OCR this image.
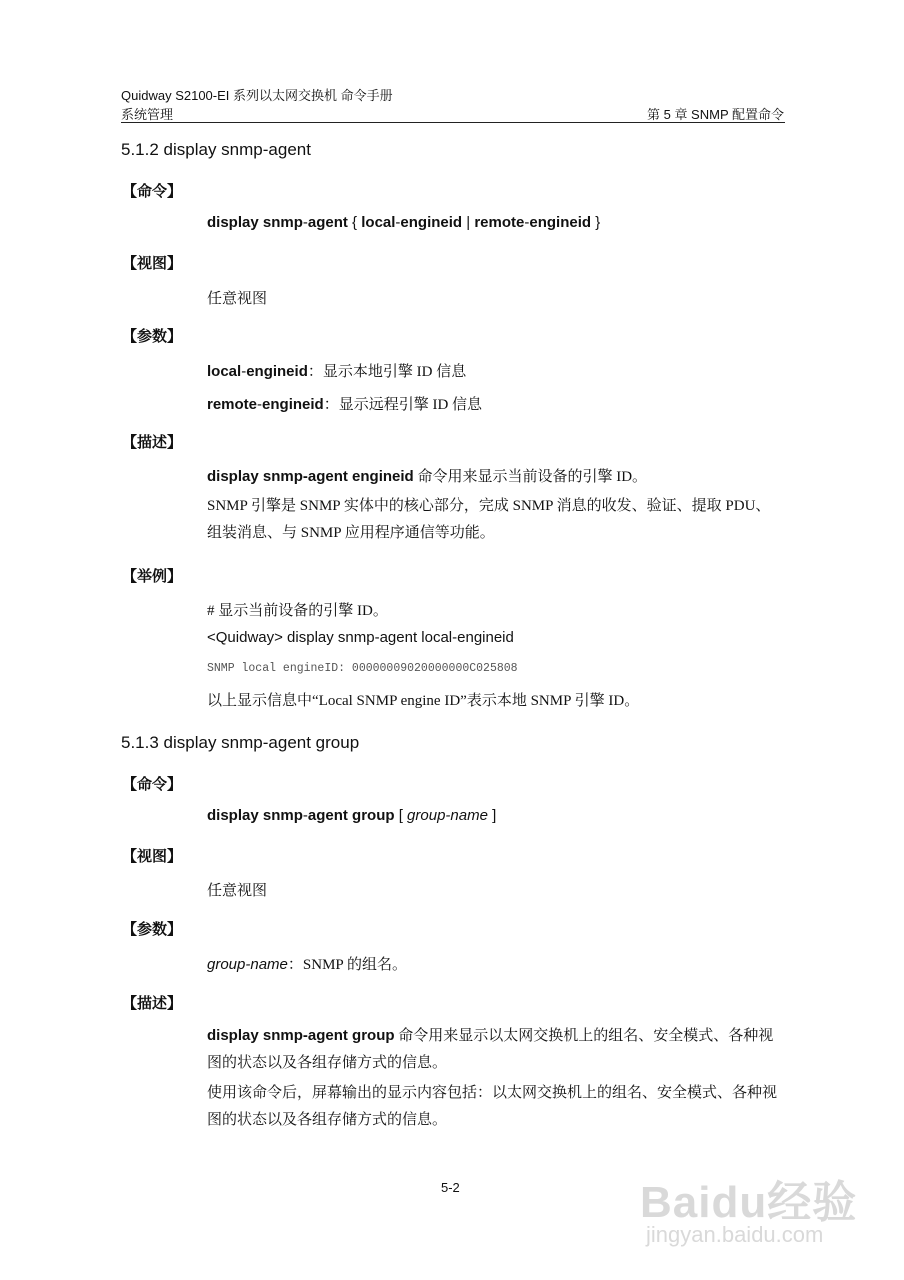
Quidway S2100-EI 系列以太网交换机 命令手册
系统管理	第 5 章 SNMP 配置命令
5.1.2 display snmp-agent
【命令】
display snmp-agent { local-engineid | remote-engineid }
【视图】
任意视图
【参数】
local-engineid：显示本地引擎 ID 信息
remote-engineid：显示远程引擎 ID 信息
【描述】
display snmp-agent engineid 命令用来显示当前设备的引擎 ID。
SNMP 引擎是 SNMP 实体中的核心部分，完成 SNMP 消息的收发、验证、提取 PDU、组装消息、与 SNMP 应用程序通信等功能。
【举例】
# 显示当前设备的引擎 ID。
<Quidway> display snmp-agent local-engineid
SNMP local engineID: 00000009020000000C025808
以上显示信息中“Local SNMP engine ID”表示本地 SNMP 引擎 ID。
5.1.3 display snmp-agent group
【命令】
display snmp-agent group [ group-name ]
【视图】
任意视图
【参数】
group-name：SNMP 的组名。
【描述】
display snmp-agent group 命令用来显示以太网交换机上的组名、安全模式、各种视图的状态以及各组存储方式的信息。
使用该命令后，屏幕输出的显示内容包括：以太网交换机上的组名、安全模式、各种视图的状态以及各组存储方式的信息。
5-2	Baidu经验
jingyan.baidu.com
